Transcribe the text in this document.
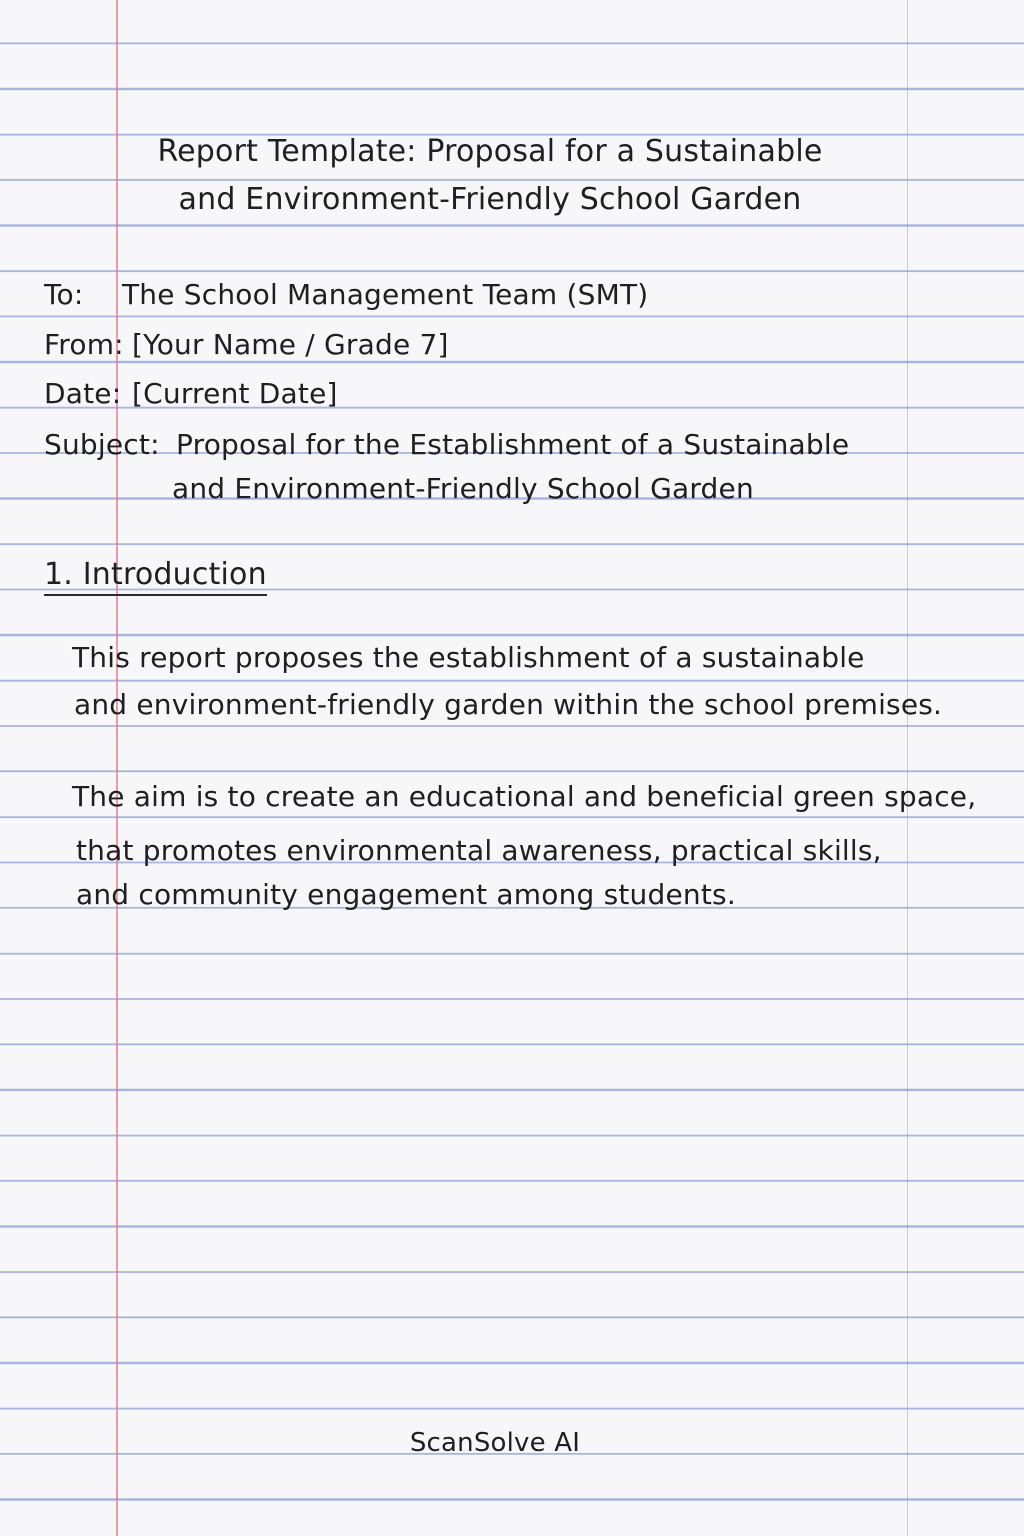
Report Template: Proposal for a Sustainable
and Environment-Friendly School Garden
To: The School Management Team (SMT)
From: [Your Name / Grade 7]
Date: [Current Date]
Subject: Proposal for the Establishment of a Sustainable
and Environment-Friendly School Garden
1. Introduction
This report proposes the establishment of a sustainable
and environment-friendly garden within the school premises.
The aim is to create an educational and beneficial green space,
that promotes environmental awareness, practical skills,
and community engagement among students.
ScanSolve AI
